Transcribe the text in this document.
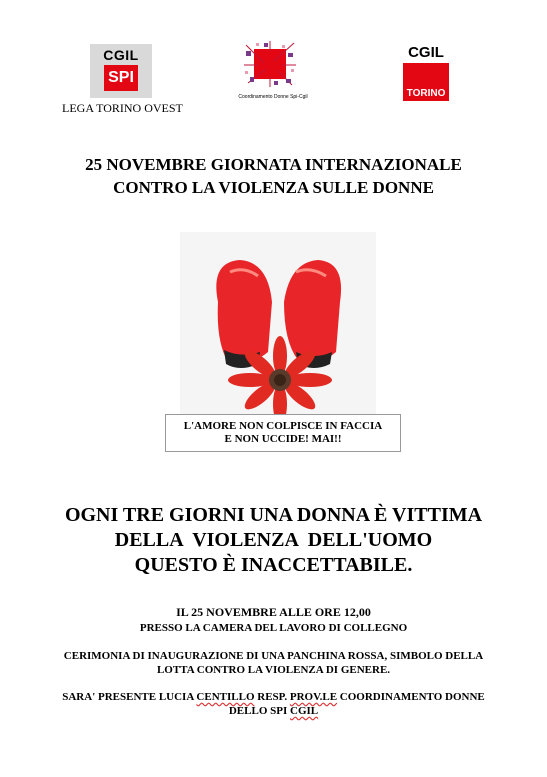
CGIL
SPI
LEGA TORINO OVEST
Coordinamento Donne Spi-Cgil
CGIL
TORINO
25 NOVEMBRE GIORNATA INTERNAZIONALE
CONTRO LA VIOLENZA SULLE DONNE
L'AMORE NON COLPISCE IN FACCIA
E NON UCCIDE! MAI!!
OGNI TRE GIORNI UNA DONNA È VITTIMA
DELLA  VIOLENZA  DELL'UOMO
QUESTO È INACCETTABILE.
IL 25 NOVEMBRE ALLE ORE 12,00
PRESSO LA CAMERA DEL LAVORO DI COLLEGNO
CERIMONIA DI INAUGURAZIONE DI UNA PANCHINA ROSSA, SIMBOLO DELLA
LOTTA CONTRO LA VIOLENZA DI GENERE.
SARA' PRESENTE LUCIA CENTILLO RESP. PROV.LE COORDINAMENTO DONNE
DELLO SPI CGIL
